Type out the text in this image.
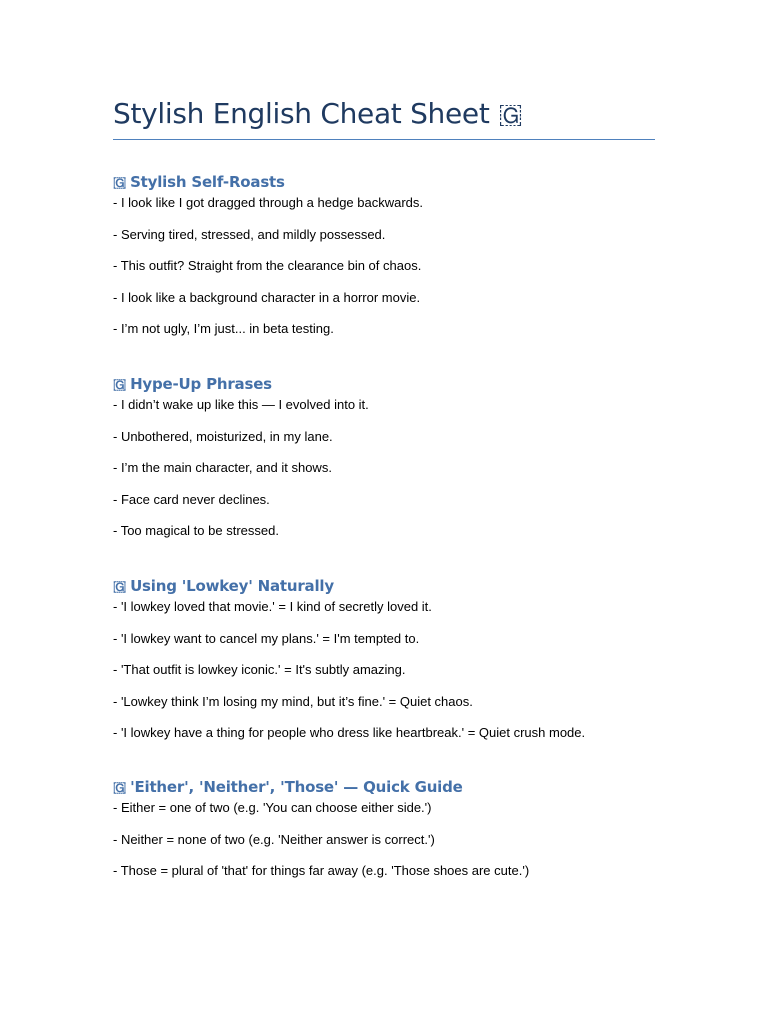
Stylish English Cheat Sheet 🇬
🇬 Stylish Self-Roasts

- I look like I got dragged through a hedge backwards.

- Serving tired, stressed, and mildly possessed.

- This outfit? Straight from the clearance bin of chaos.

- I look like a background character in a horror movie.

- I’m not ugly, I’m just... in beta testing.

🇬 Hype-Up Phrases

- I didn’t wake up like this — I evolved into it.

- Unbothered, moisturized, in my lane.

- I’m the main character, and it shows.

- Face card never declines.

- Too magical to be stressed.

🇬 Using 'Lowkey' Naturally

- 'I lowkey loved that movie.' = I kind of secretly loved it.

- 'I lowkey want to cancel my plans.' = I'm tempted to.

- 'That outfit is lowkey iconic.' = It's subtly amazing.

- 'Lowkey think I’m losing my mind, but it’s fine.' = Quiet chaos.

- 'I lowkey have a thing for people who dress like heartbreak.' = Quiet crush mode.

🇬 'Either', 'Neither', 'Those' — Quick Guide

- Either = one of two (e.g. 'You can choose either side.')

- Neither = none of two (e.g. 'Neither answer is correct.')

- Those = plural of 'that' for things far away (e.g. 'Those shoes are cute.')
